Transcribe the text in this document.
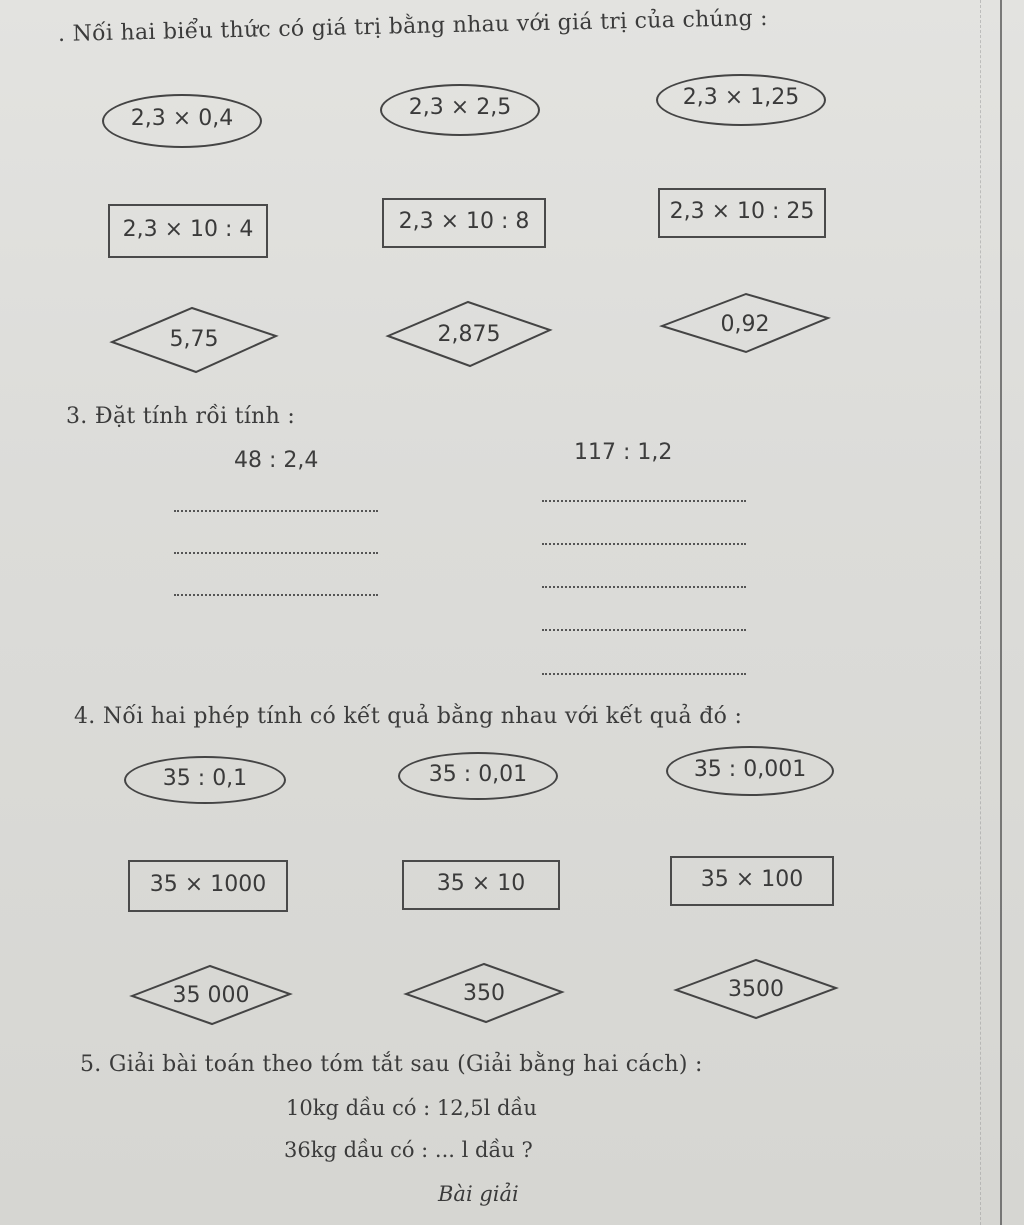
. Nối hai biểu thức có giá trị bằng nhau với giá trị của chúng :
2,3 × 0,4	2,3 × 2,5	2,3 × 1,25
2,3 × 10 : 4	2,3 × 10 : 8	2,3 × 10 : 25
5,75	2,875	0,92
3. Đặt tính rồi tính :
48 : 2,4	117 : 1,2
4. Nối hai phép tính có kết quả bằng nhau với kết quả đó :
35 : 0,1	35 : 0,01	35 : 0,001
35 × 1000	35 × 10	35 × 100
35 000	350	3500
5. Giải bài toán theo tóm tắt sau (Giải bằng hai cách) :
10kg dầu có : 12,5l dầu
36kg dầu có : ... l dầu ?
Bài giải
